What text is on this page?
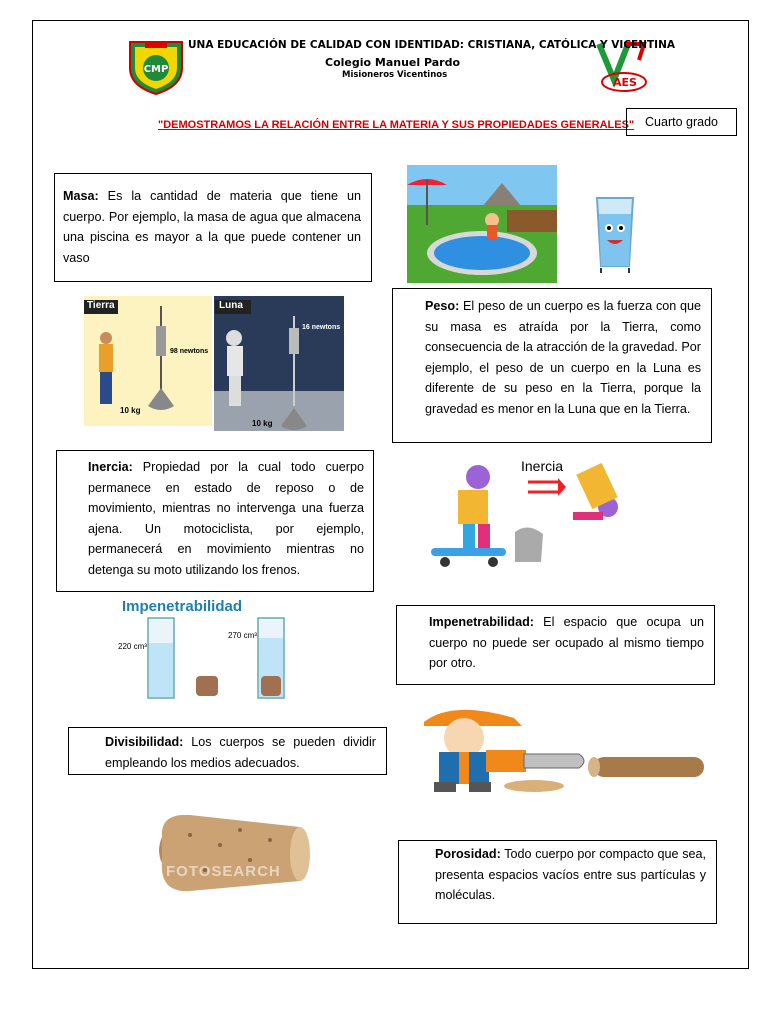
CMP
AES
UNA EDUCACIÓN DE CALIDAD CON IDENTIDAD: CRISTIANA, CATÓLICA Y VICENTINA
Colegio Manuel Pardo
Misioneros Vicentinos
"DEMOSTRAMOS LA RELACIÓN ENTRE LA MATERIA Y SUS PROPIEDADES GENERALES" Cuarto grado
Masa: Es la cantidad de materia que tiene un cuerpo. Por ejemplo, la masa de agua que almacena una piscina es mayor a la que puede contener un vaso
Tierra	Luna
98 newtons
16 newtons
10 kg
10 kg
Peso: El peso de un cuerpo es la fuerza con que su masa es atraída por la Tierra, como consecuencia de la atracción de la gravedad. Por ejemplo, el peso de un cuerpo en la Luna es diferente de su peso en la Tierra, porque la gravedad es menor en la Luna que en la Tierra.
Inercia: Propiedad por la cual todo cuerpo permanece en estado de reposo o de movimiento, mientras no intervenga una fuerza ajena. Un motociclista, por ejemplo, permanecerá en movimiento mientras no detenga su moto utilizando los frenos.
Inercia
Impenetrabilidad
220 cm³
270 cm³
Impenetrabilidad: El espacio que ocupa un cuerpo no puede ser ocupado al mismo tiempo por otro.
Divisibilidad: Los cuerpos se pueden dividir empleando los medios adecuados.
FOTOSEARCH
Porosidad: Todo cuerpo por compacto que sea, presenta espacios vacíos entre sus partículas y moléculas.
